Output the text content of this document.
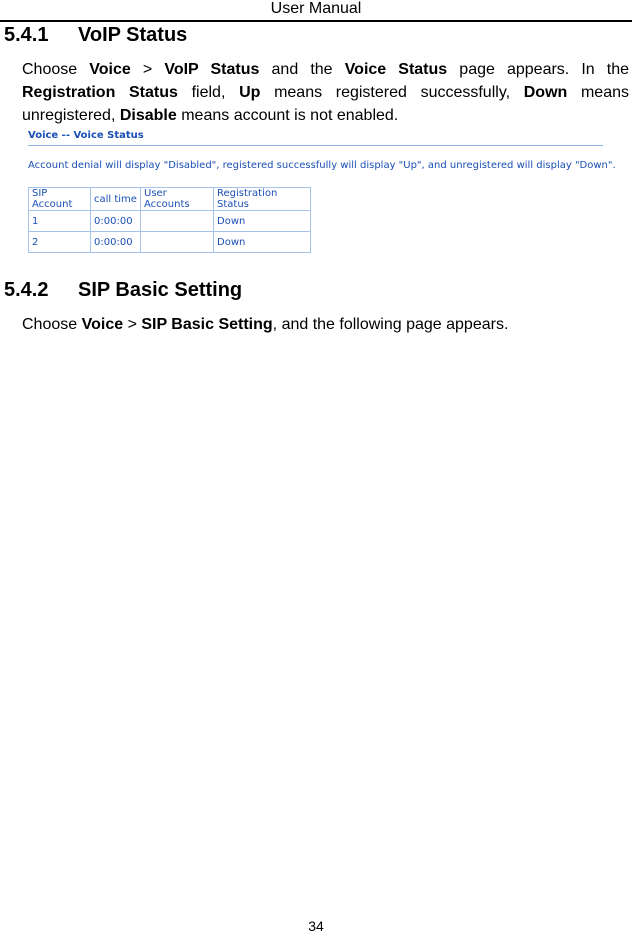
User Manual
5.4.1 VoIP Status
Choose Voice > VoIP Status and the Voice Status page appears. In the Registration Status field, Up means registered successfully, Down means unregistered, Disable means account is not enabled.
Voice -- Voice Status
Account denial will display "Disabled", registered successfully will display "Up", and unregistered will display "Down".
SIP Account	call time	User Accounts	Registration Status
1	0:00:00		Down
2	0:00:00		Down
5.4.2 SIP Basic Setting
Choose Voice > SIP Basic Setting, and the following page appears.
34
